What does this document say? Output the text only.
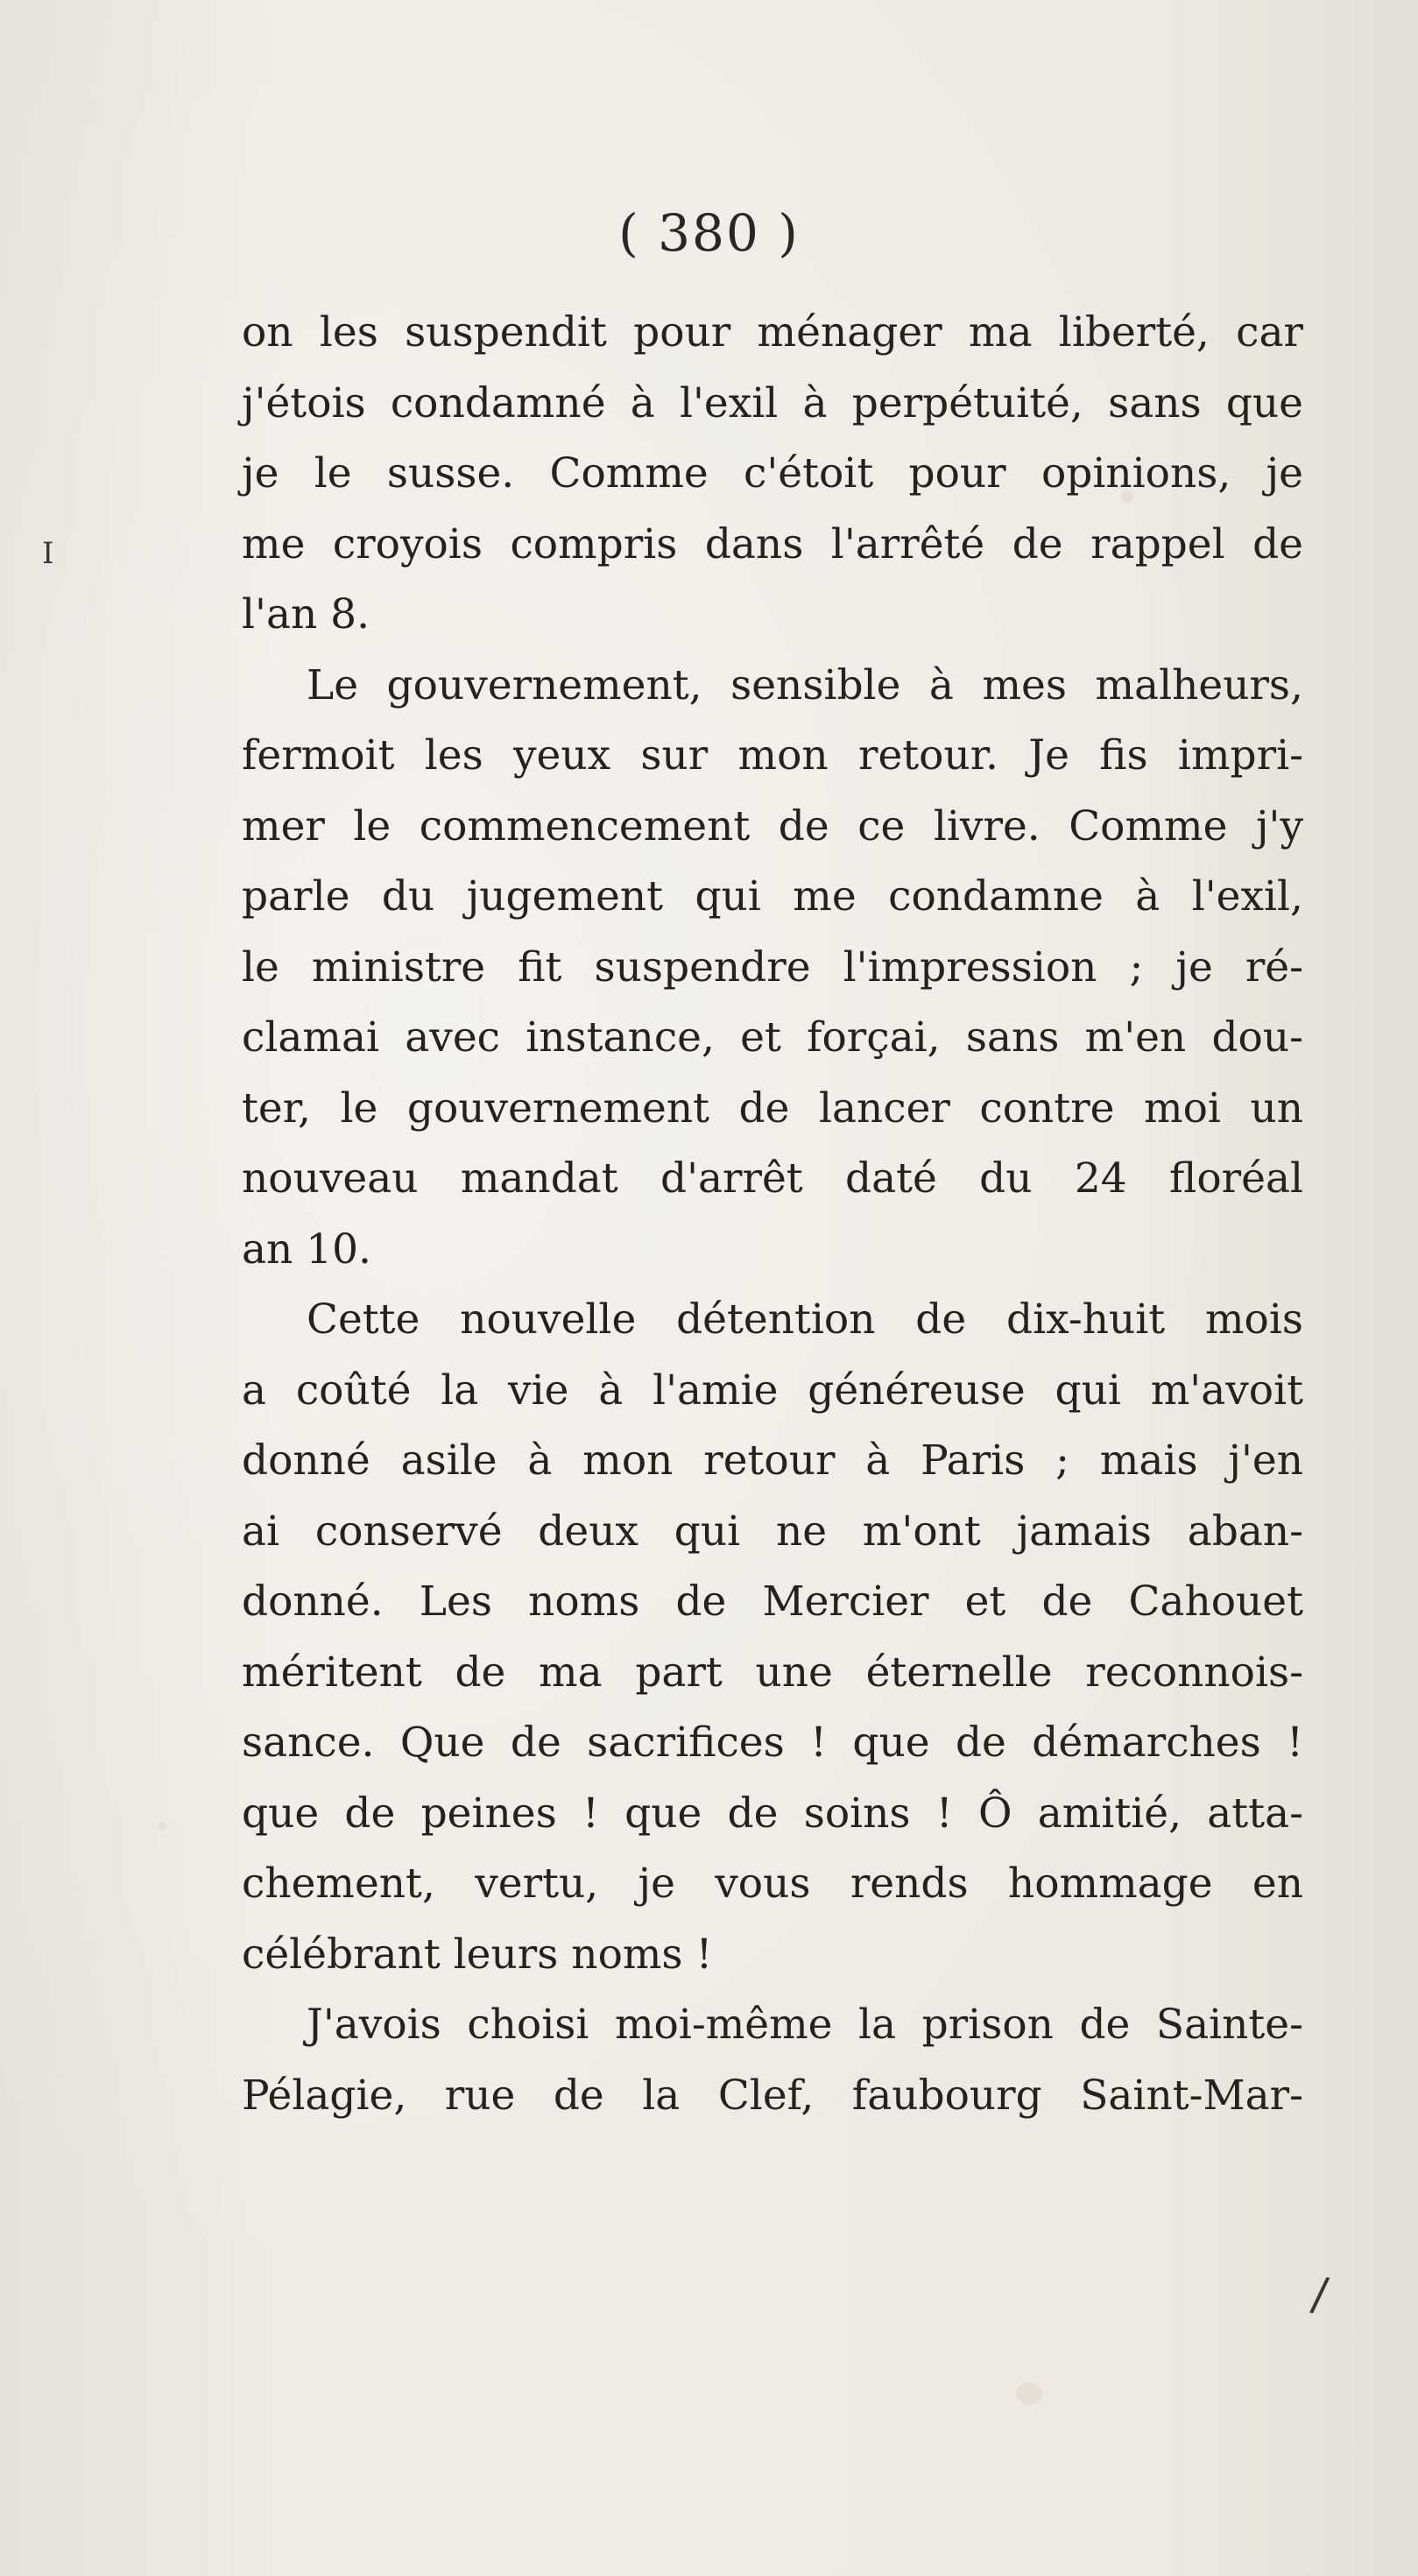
( 380 )
on les suspendit pour ménager ma liberté, car
j'étois condamné à l'exil à perpétuité, sans que
je le susse. Comme c'étoit pour opinions, je
me croyois compris dans l'arrêté de rappel de
l'an 8.
Le gouvernement, sensible à mes malheurs,
fermoit les yeux sur mon retour. Je fis impri-
mer le commencement de ce livre. Comme j'y
parle du jugement qui me condamne à l'exil,
le ministre fit suspendre l'impression ; je ré-
clamai avec instance, et forçai, sans m'en dou-
ter, le gouvernement de lancer contre moi un
nouveau mandat d'arrêt daté du 24 floréal
an 10.
Cette nouvelle détention de dix-huit mois
a coûté la vie à l'amie généreuse qui m'avoit
donné asile à mon retour à Paris ; mais j'en
ai conservé deux qui ne m'ont jamais aban-
donné. Les noms de Mercier et de Cahouet
méritent de ma part une éternelle reconnois-
sance. Que de sacrifices ! que de démarches !
que de peines ! que de soins ! Ô amitié, atta-
chement, vertu, je vous rends hommage en
célébrant leurs noms !
J'avois choisi moi-même la prison de Sainte-
Pélagie, rue de la Clef, faubourg Saint-Mar-
I
/
